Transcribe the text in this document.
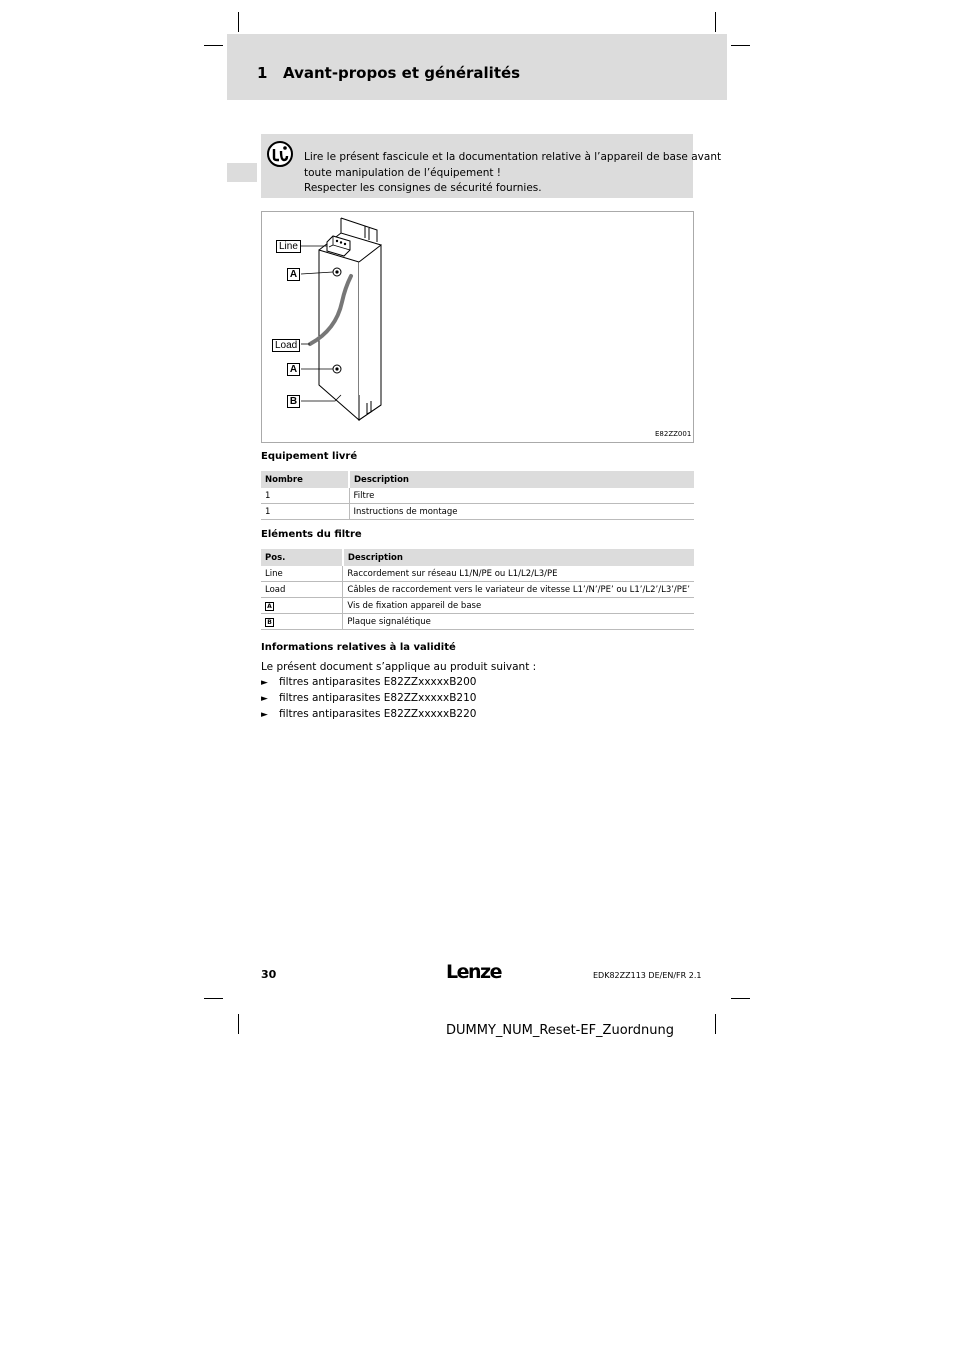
1 Avant-propos et généralités
Lire le présent fascicule et la documentation relative à l’appareil de base avant
toute manipulation de l’équipement !
Respecter les consignes de sécurité fournies.
Line
A
Load
A
B
E82ZZ001
Equipement livré
Nombre	Description
1	Filtre
1	Instructions de montage
Eléments du filtre
Pos.	Description
Line	Raccordement sur réseau L1/N/PE ou L1/L2/L3/PE
Load	Câbles de raccordement vers le variateur de vitesse L1’/N’/PE’ ou L1’/L2’/L3’/PE’
A	Vis de fixation appareil de base
B	Plaque signalétique
Informations relatives à la validité
Le présent document s’applique au produit suivant :
► filtres antiparasites E82ZZxxxxxB200
► filtres antiparasites E82ZZxxxxxB210
► filtres antiparasites E82ZZxxxxxB220
30	Lenze	EDK82ZZ113 DE/EN/FR 2.1
DUMMY_NUM_Reset-EF_Zuordnung
